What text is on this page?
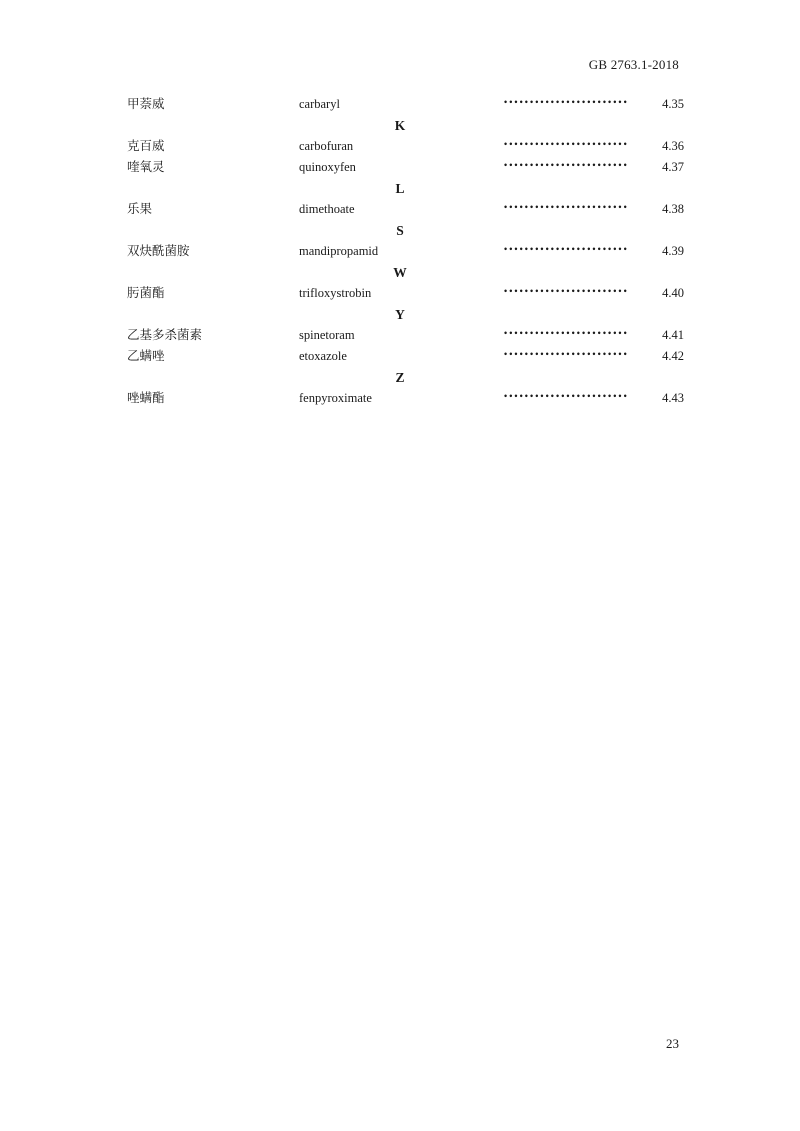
GB 2763.1-2018
甲萘威	carbaryl	••••••••••••••••••••••••	4.35
K
克百威	carbofuran	••••••••••••••••••••••••	4.36
喹氧灵	quinoxyfen	••••••••••••••••••••••••	4.37
L
乐果	dimethoate	••••••••••••••••••••••••	4.38
S
双炔酰菌胺	mandipropamid	••••••••••••••••••••••••	4.39
W
肟菌酯	trifloxystrobin	••••••••••••••••••••••••	4.40
Y
乙基多杀菌素	spinetoram	••••••••••••••••••••••••	4.41
乙螨唑	etoxazole	••••••••••••••••••••••••	4.42
Z
唑螨酯	fenpyroximate	••••••••••••••••••••••••	4.43
23
